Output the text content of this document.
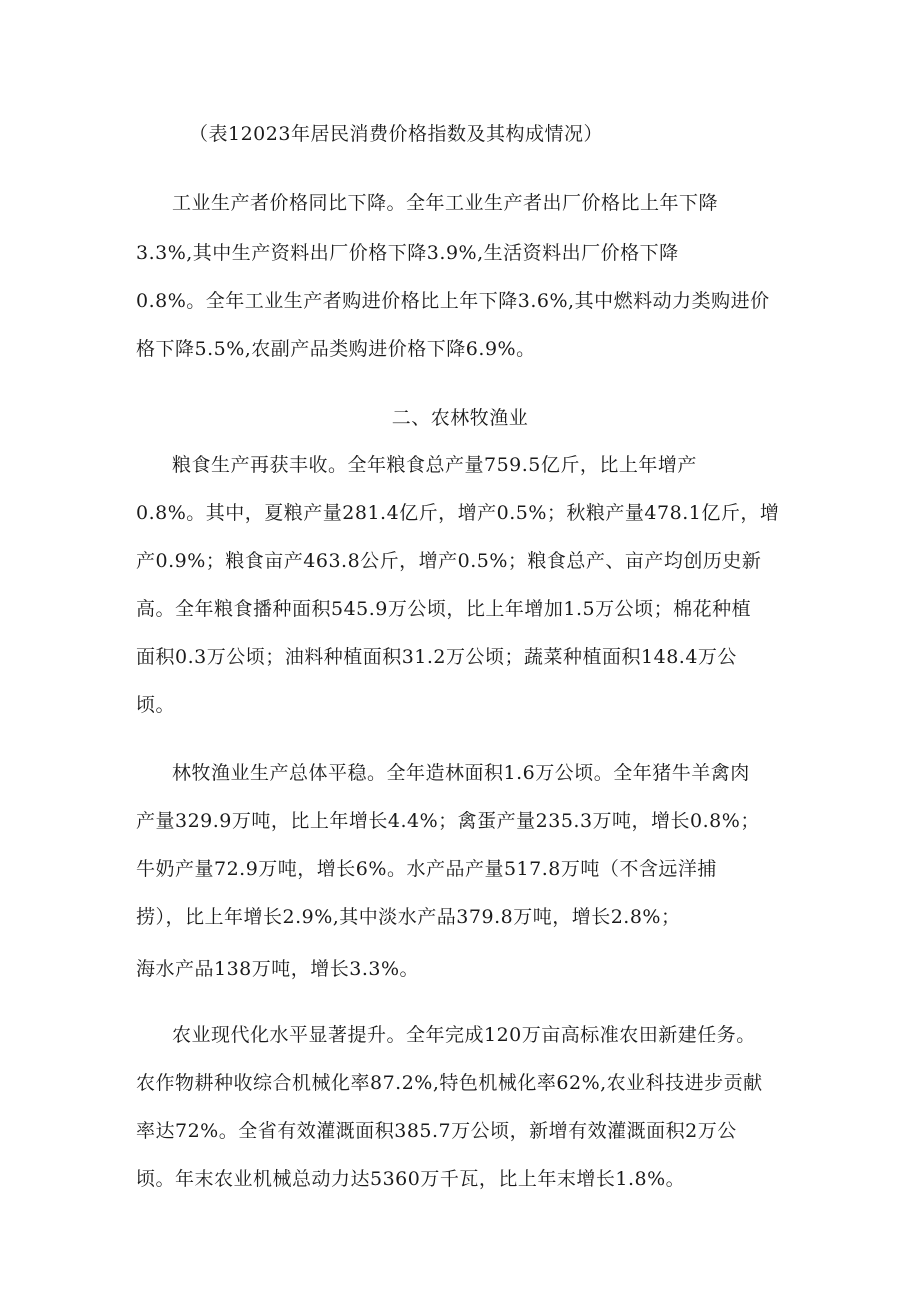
（表12023年居民消费价格指数及其构成情况）

工业生产者价格同比下降。全年工业生产者出厂价格比上年下降

3.3%,其中生产资料出厂价格下降3.9%,生活资料出厂价格下降

0.8%。全年工业生产者购进价格比上年下降3.6%,其中燃料动力类购进价

格下降5.5%,农副产品类购进价格下降6.9%。

二、农林牧渔业

粮食生产再获丰收。全年粮食总产量759.5亿斤，比上年增产

0.8%。其中，夏粮产量281.4亿斤，增产0.5%；秋粮产量478.1亿斤，增

产0.9%；粮食亩产463.8公斤，增产0.5%；粮食总产、亩产均创历史新

高。全年粮食播种面积545.9万公顷，比上年增加1.5万公顷；棉花种植

面积0.3万公顷；油料种植面积31.2万公顷；蔬菜种植面积148.4万公

顷。

林牧渔业生产总体平稳。全年造林面积1.6万公顷。全年猪牛羊禽肉

产量329.9万吨，比上年增长4.4%；禽蛋产量235.3万吨，增长0.8%；

牛奶产量72.9万吨，增长6%。水产品产量517.8万吨（不含远洋捕

捞），比上年增长2.9%,其中淡水产品379.8万吨，增长2.8%；

海水产品138万吨，增长3.3%。

农业现代化水平显著提升。全年完成120万亩高标准农田新建任务。

农作物耕种收综合机械化率87.2%,特色机械化率62%,农业科技进步贡献

率达72%。全省有效灌溉面积385.7万公顷，新增有效灌溉面积2万公

顷。年末农业机械总动力达5360万千瓦，比上年末增长1.8%。
